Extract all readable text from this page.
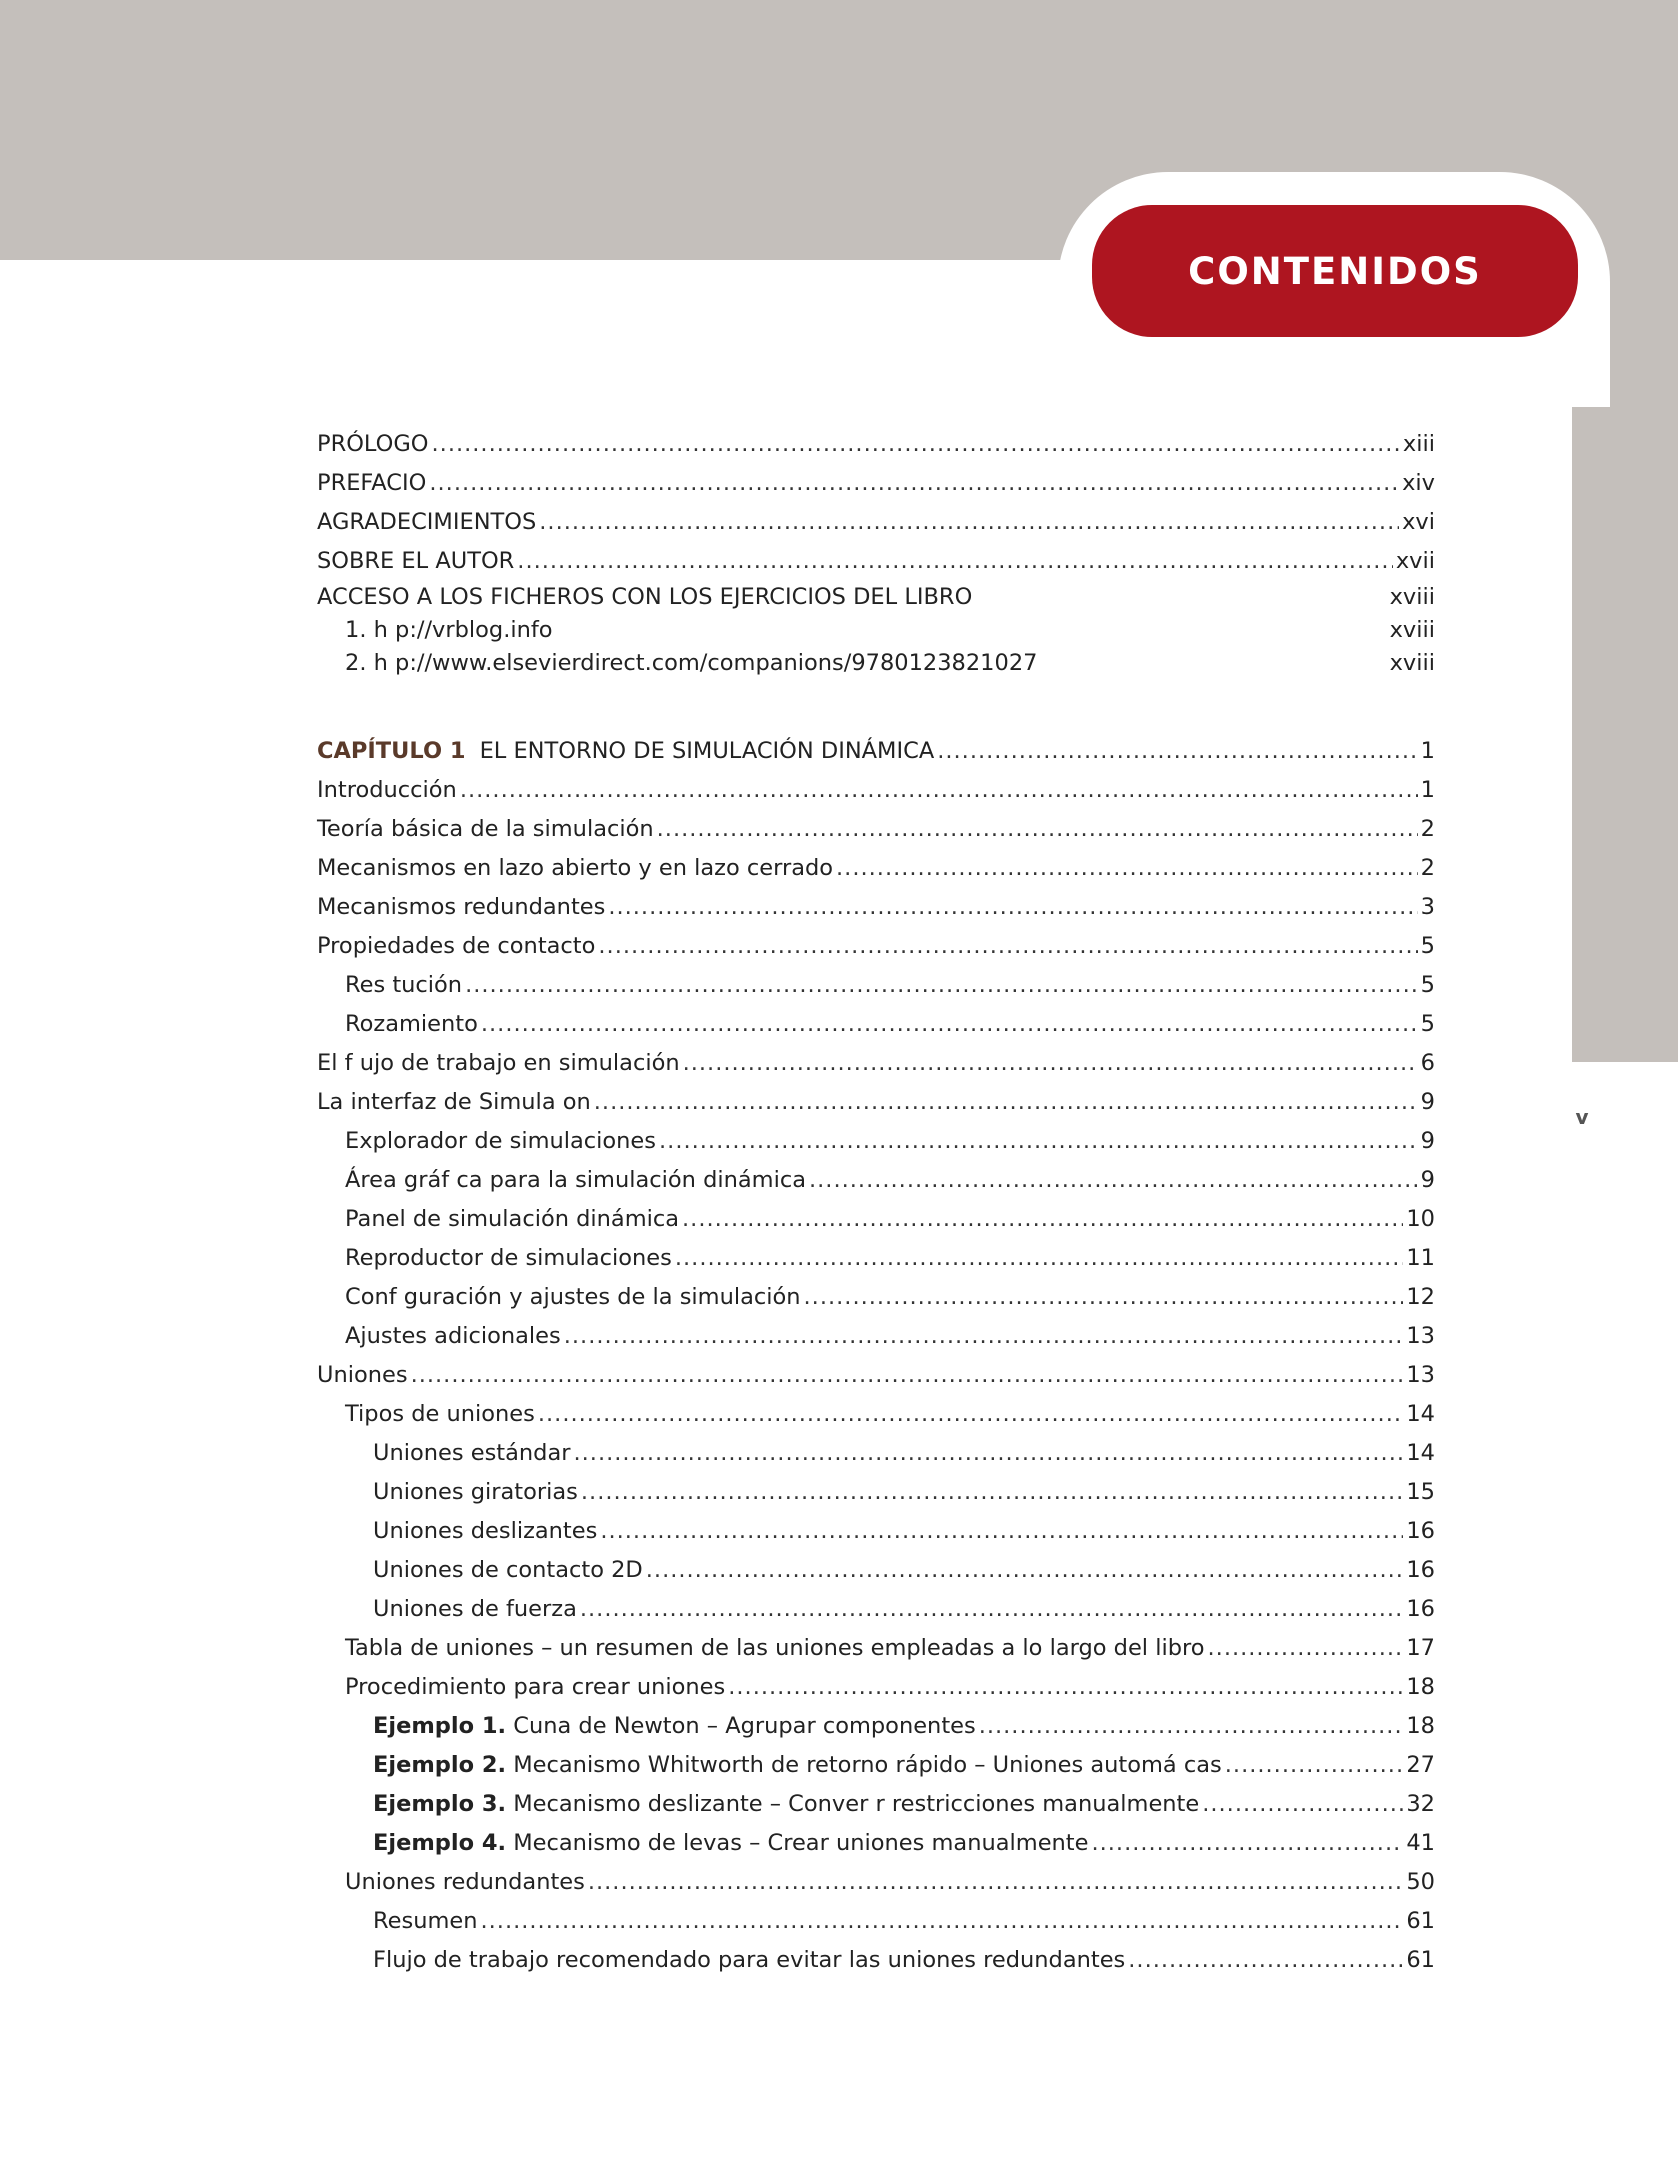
CONTENIDOS
v
PRÓLOGO .....	xiii
PREFACIO .....	xiv
AGRADECIMIENTOS .....	xvi
SOBRE EL AUTOR .....	xvii
ACCESO A LOS FICHEROS CON LOS EJERCICIOS DEL LIBRO	xviii
1. h p://vrblog.info	xviii
2. h p://www.elsevierdirect.com/companions/9780123821027	xviii
CAPÍTULO 1 EL ENTORNO DE SIMULACIÓN DINÁMICA .....	1
Introducción .....	1
Teoría básica de la simulación .....	2
Mecanismos en lazo abierto y en lazo cerrado .....	2
Mecanismos redundantes .....	3
Propiedades de contacto .....	5
Res tución .....	5
Rozamiento .....	5
El f ujo de trabajo en simulación .....	6
La interfaz de Simula on .....	9
Explorador de simulaciones .....	9
Área gráf ca para la simulación dinámica .....	9
Panel de simulación dinámica .....	10
Reproductor de simulaciones .....	11
Conf guración y ajustes de la simulación .....	12
Ajustes adicionales .....	13
Uniones .....	13
Tipos de uniones .....	14
Uniones estándar .....	14
Uniones giratorias .....	15
Uniones deslizantes .....	16
Uniones de contacto 2D .....	16
Uniones de fuerza .....	16
Tabla de uniones – un resumen de las uniones empleadas a lo largo del libro .....	17
Procedimiento para crear uniones .....	18
Ejemplo 1. Cuna de Newton – Agrupar componentes .....	18
Ejemplo 2. Mecanismo Whitworth de retorno rápido – Uniones automá cas .....	27
Ejemplo 3. Mecanismo deslizante – Conver r restricciones manualmente .....	32
Ejemplo 4. Mecanismo de levas – Crear uniones manualmente .....	41
Uniones redundantes .....	50
Resumen .....	61
Flujo de trabajo recomendado para evitar las uniones redundantes .....	61
